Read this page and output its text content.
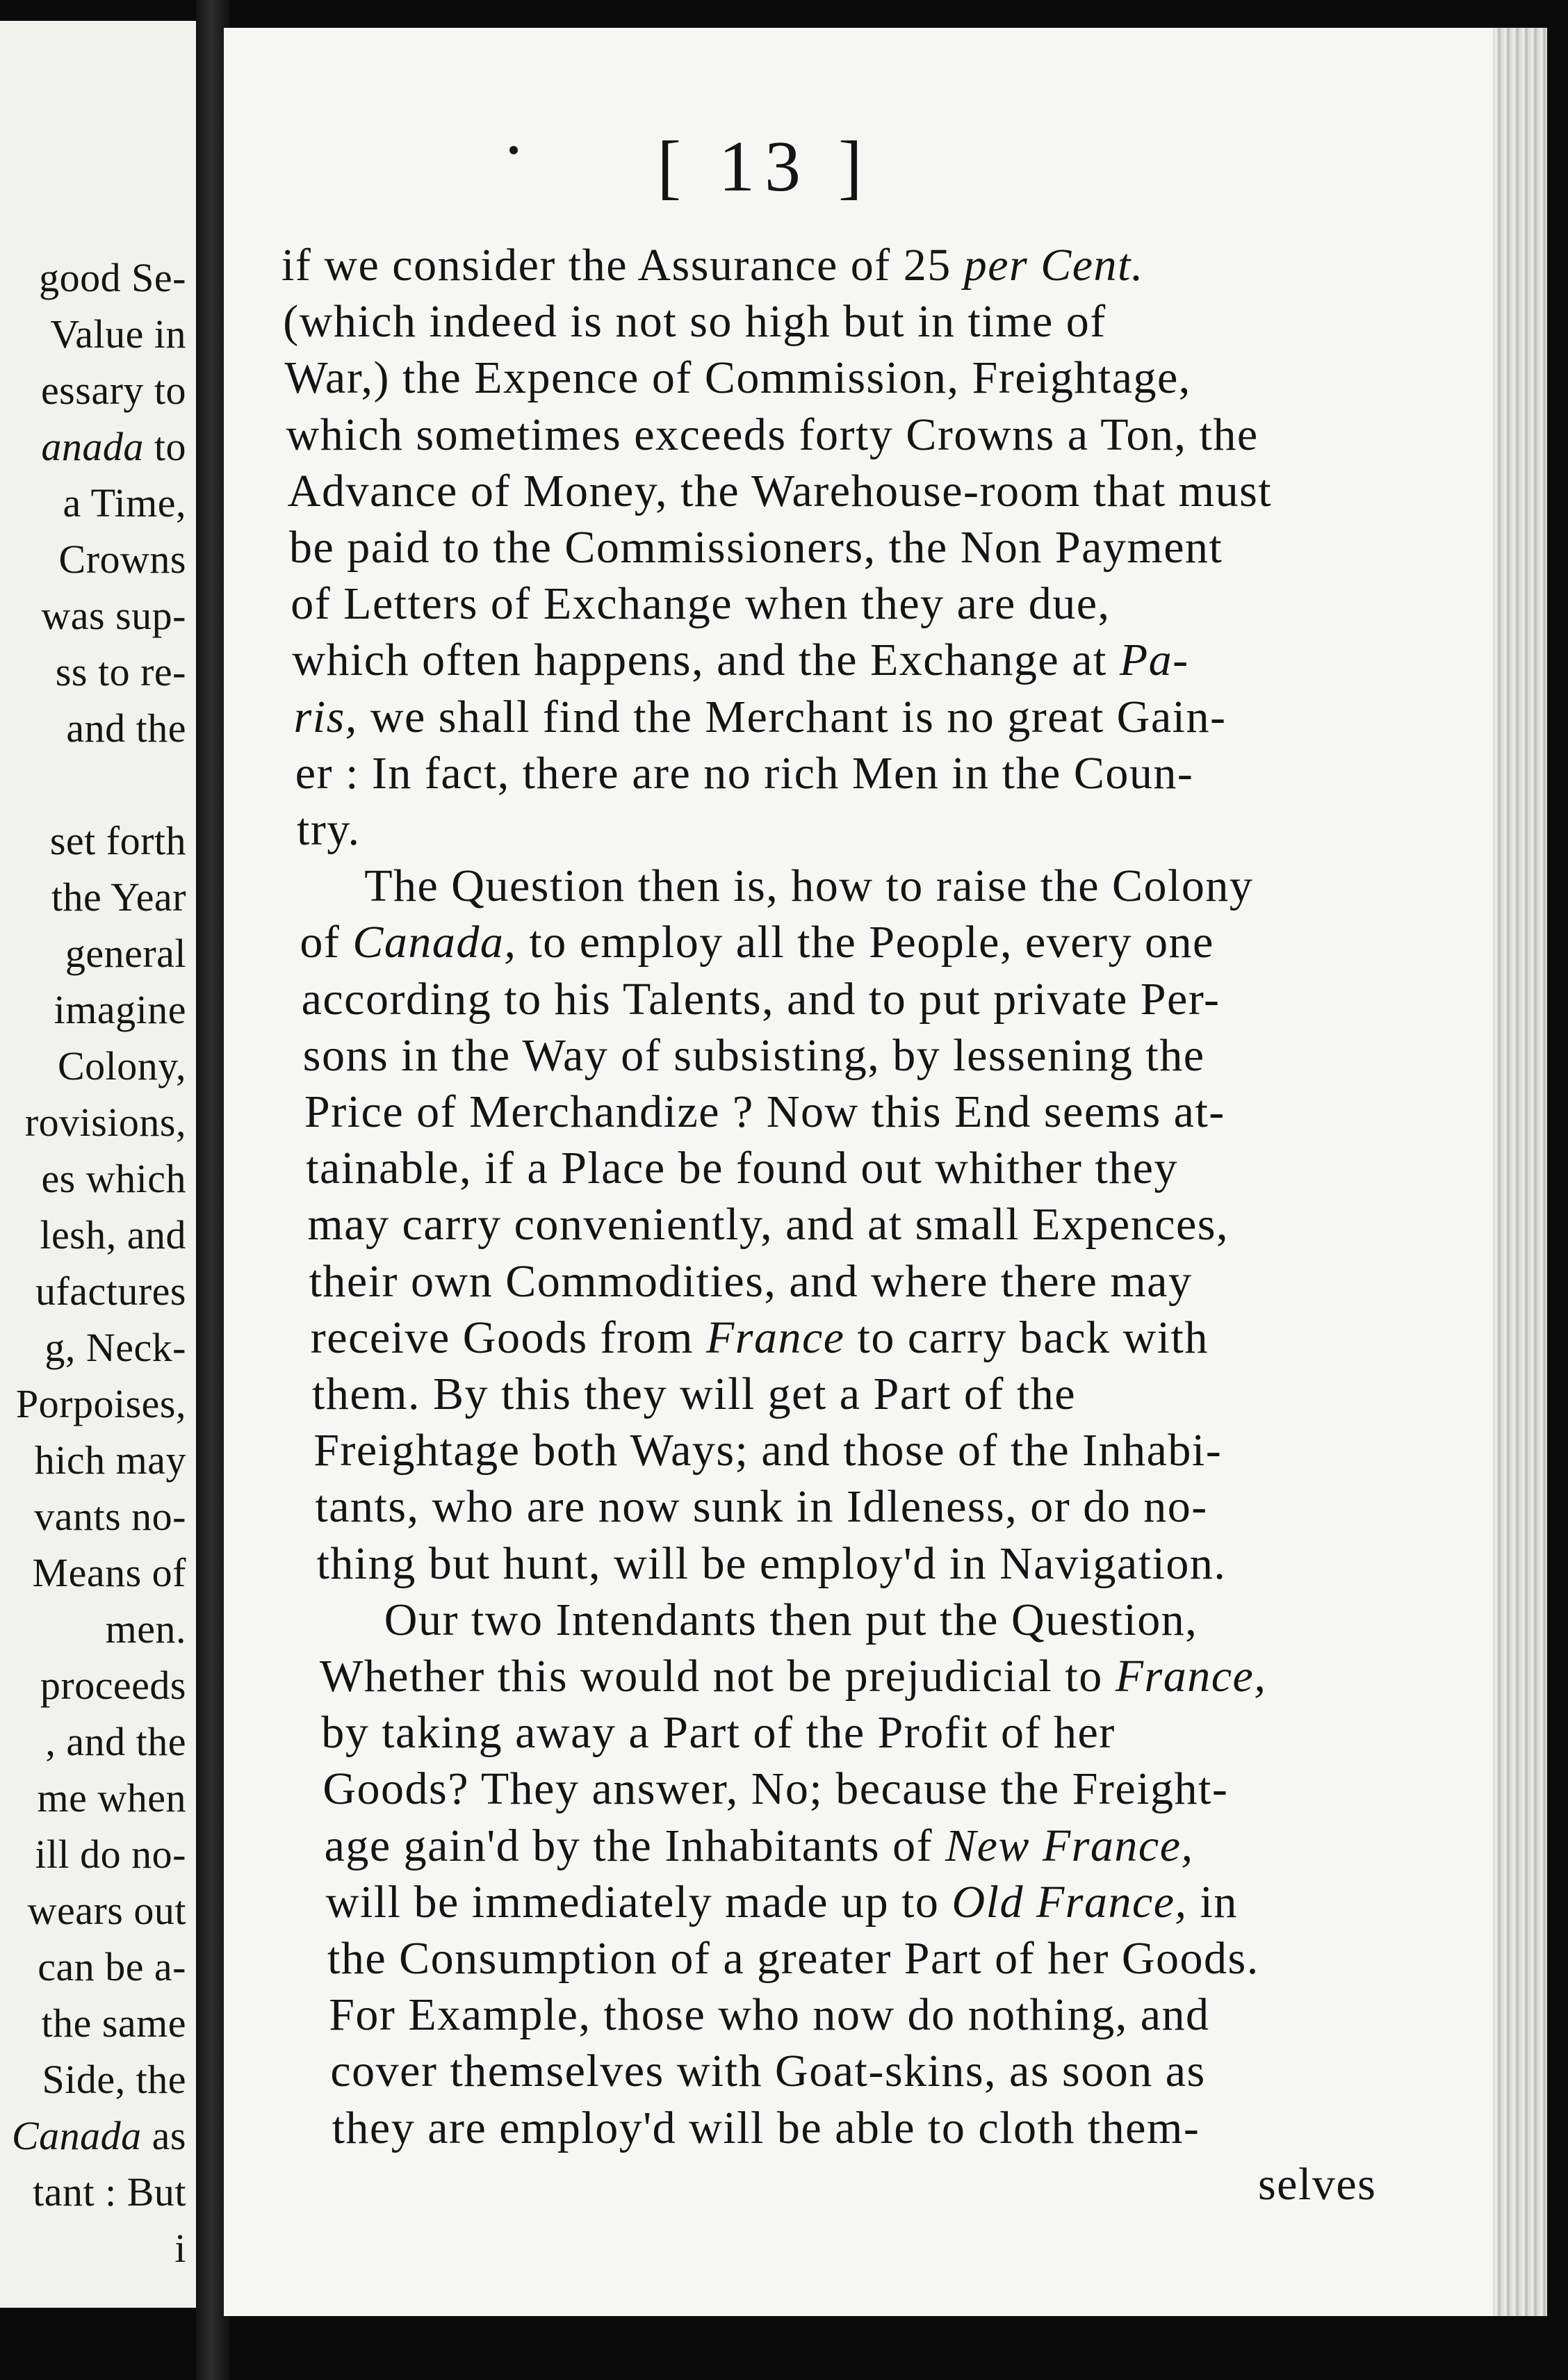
good Se-
Value in
essary to
anada to
a Time,
Crowns
was sup-
ss to re-
and the
set forth
the Year
general
imagine
Colony,
rovisions,
es which
lesh, and
ufactures
g, Neck-
Porpoises,
hich may
vants no-
Means of
men.
proceeds
, and the
me when
ill do no-
wears out
can be a-
the same
Side, the
Canada as
tant : But
i
[ 13 ]
if we consider the Assurance of 25 per Cent.
(which indeed is not so high but in time of
War,) the Expence of Commission, Freightage,
which sometimes exceeds forty Crowns a Ton, the
Advance of Money, the Warehouse-room that must
be paid to the Commissioners, the Non Payment
of Letters of Exchange when they are due,
which often happens, and the Exchange at Pa-
ris, we shall find the Merchant is no great Gain-
er : In fact, there are no rich Men in the Coun-
try.
The Question then is, how to raise the Colony
of Canada, to employ all the People, every one
according to his Talents, and to put private Per-
sons in the Way of subsisting, by lessening the
Price of Merchandize ? Now this End seems at-
tainable, if a Place be found out whither they
may carry conveniently, and at small Expences,
their own Commodities, and where there may
receive Goods from France to carry back with
them. By this they will get a Part of the
Freightage both Ways; and those of the Inhabi-
tants, who are now sunk in Idleness, or do no-
thing but hunt, will be employ'd in Navigation.
Our two Intendants then put the Question,
Whether this would not be prejudicial to France,
by taking away a Part of the Profit of her
Goods? They answer, No; because the Freight-
age gain'd by the Inhabitants of New France,
will be immediately made up to Old France, in
the Consumption of a greater Part of her Goods.
For Example, those who now do nothing, and
cover themselves with Goat-skins, as soon as
they are employ'd will be able to cloth them-
selves
